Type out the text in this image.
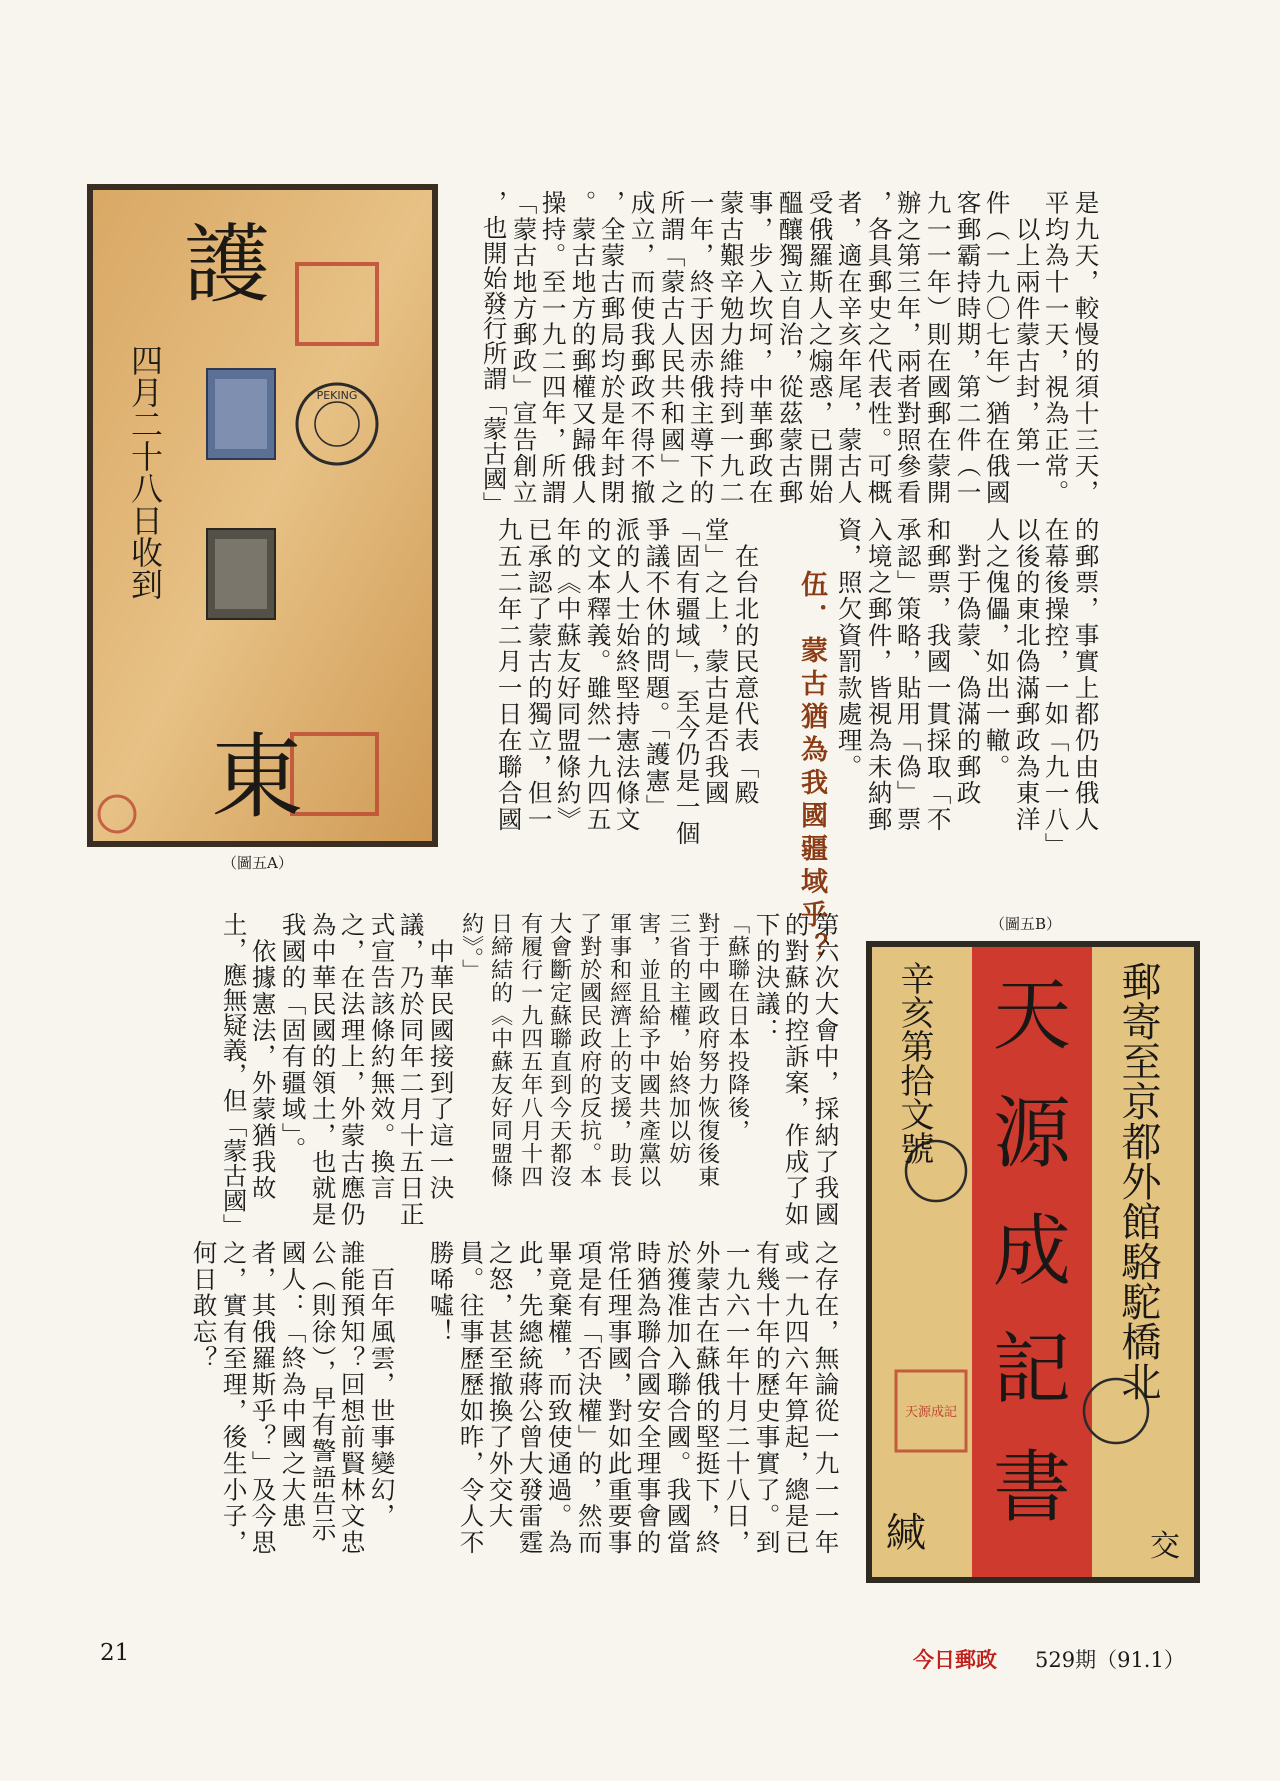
PEKING
護
東
四月二十八日收到
（圖五A）
（圖五B）
天源成記
天
源
成
記
書
辛亥第拾文號	郵寄至京都外館駱駝橋北
緘	交
是九天，較慢的須十三天，
平均為十一天，視為正常。
　以上兩件蒙古封，第一
件（一九〇七年）猶在俄國
客郵霸持時期，第二件（一
九一一年）則在國郵在蒙開
辦之第三年，兩者對照參看
，各具郵史之代表性。可概
者，適在辛亥年尾，蒙古人
受俄羅斯人之煽惑，已開始
醞釀獨立自治，從茲蒙古郵
事，步入坎坷，中華郵政在
蒙古艱辛勉力維持到一九二
一年，終于因赤俄主導下的
所謂「蒙古人民共和國」之
成立，而使我郵政不得不撤
，全蒙古郵局均於是年封閉
。蒙古地方的郵權又歸俄人
操持。至一九二四年，所謂
「蒙古地方郵政」宣告創立
，也開始發行所謂「蒙古國」
的郵票，事實上都仍由俄人
在幕後操控，一如「九一八」
以後的東北偽滿郵政為東洋
人之傀儡，如出一轍。
　對于偽蒙、偽滿的郵政
和郵票，我國一貫採取「不
承認」策略，貼用「偽」票
入境之郵件，皆視為未納郵
資，照欠資罰款處理。
伍．蒙古猶為我國疆域乎？
　在台北的民意代表「殿
堂」之上，蒙古是否我國
「固有疆域」，至今仍是一個
爭議不休的問題。「護憲」
派的人士始終堅持憲法條文
的文本釋義。雖然一九四五
年的《中蘇友好同盟條約》
已承認了蒙古的獨立，但一
九五二年二月一日在聯合國
第六次大會中，採納了我國
的對蘇的控訴案，作成了如
下的決議：
「蘇聯在日本投降後，
對于中國政府努力恢復後東
三省的主權，始終加以妨
害，並且給予中國共產黨以
軍事和經濟上的支援，助長
了對於國民政府的反抗。本
大會斷定蘇聯直到今天都沒
有履行一九四五年八月十四
日締結的《中蘇友好同盟條
約》。」
　中華民國接到了這一決
議，乃於同年二月十五日正
式宣告該條約無效。換言
之，在法理上，外蒙古應仍
為中華民國的領土，也就是
我國的「固有疆域」。
　依據憲法，外蒙猶我故
土，應無疑義，但「蒙古國」
之存在，無論從一九一一年
或一九四六年算起，總是已
有幾十年的歷史事實了。到
一九六一年十月二十八日，
外蒙古在蘇俄的堅挺下，終
於獲准加入聯合國。我國當
時猶為聯合國安全理事會的
常任理事國，對如此重要事
項是有「否決權」的，然而
畢竟棄權，而致使通過。為
此，先總統蔣公曾大發雷霆
之怒，甚至撤換了外交大
員。往事歷歷如昨，令人不
勝唏噓！
　百年風雲，世事變幻，
誰能預知？回想前賢林文忠
公（則徐），早有警語告示
國人：「終為中國之大患
者，其俄羅斯乎？」及今思
之，實有至理，後生小子，
何日敢忘？
21	今日郵政 529期（91.1）
